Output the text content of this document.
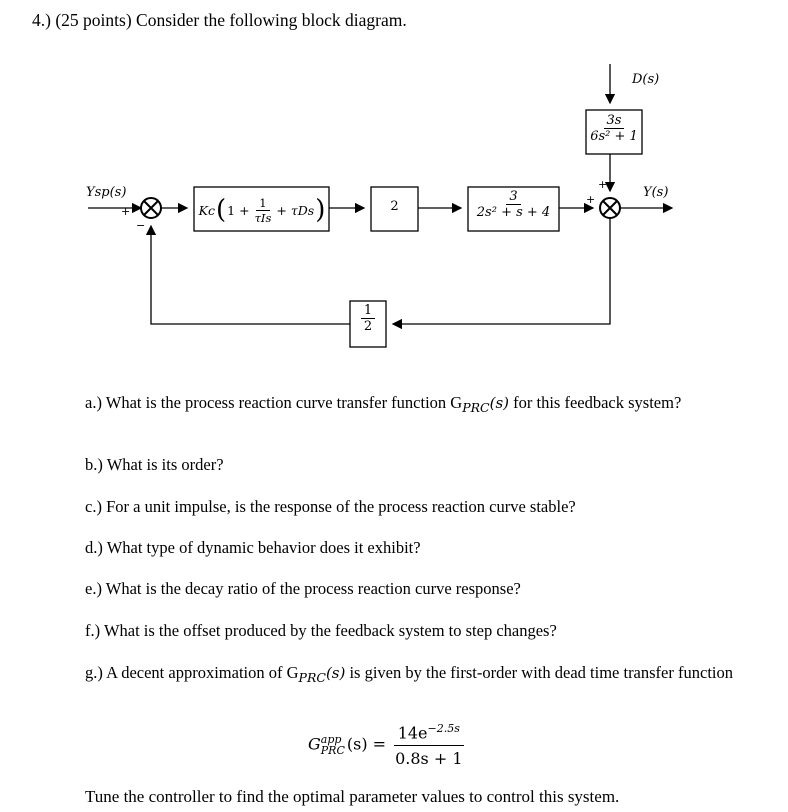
4.) (25 points) Consider the following block diagram.
Ysp(s)
D(s)
Y(s)
+
−
+
+
Kc ( $1 + \frac{1}{\text{τIs}} + \tau Ds$ )	2	$\frac{3}{\text{2s² + s + 4}}$
$\frac{3s}{\text{6s² + 1}}$
$\frac{1}{2}$
a.) What is the process reaction curve transfer function $G_{PRC}(s)$ for this feedback system?
b.) What is its order?
c.) For a unit impulse, is the response of the process reaction curve stable?
d.) What type of dynamic behavior does it exhibit?
e.) What is the decay ratio of the process reaction curve response?
f.) What is the offset produced by the feedback system to step changes?
g.) A decent approximation of $G_{PRC}(s)$ is given by the first-order with dead time transfer function
G app
PRC $(s) = \frac{14e^{-2.5s}}{0.8s + 1}$
Tune the controller to find the optimal parameter values to control this system.
